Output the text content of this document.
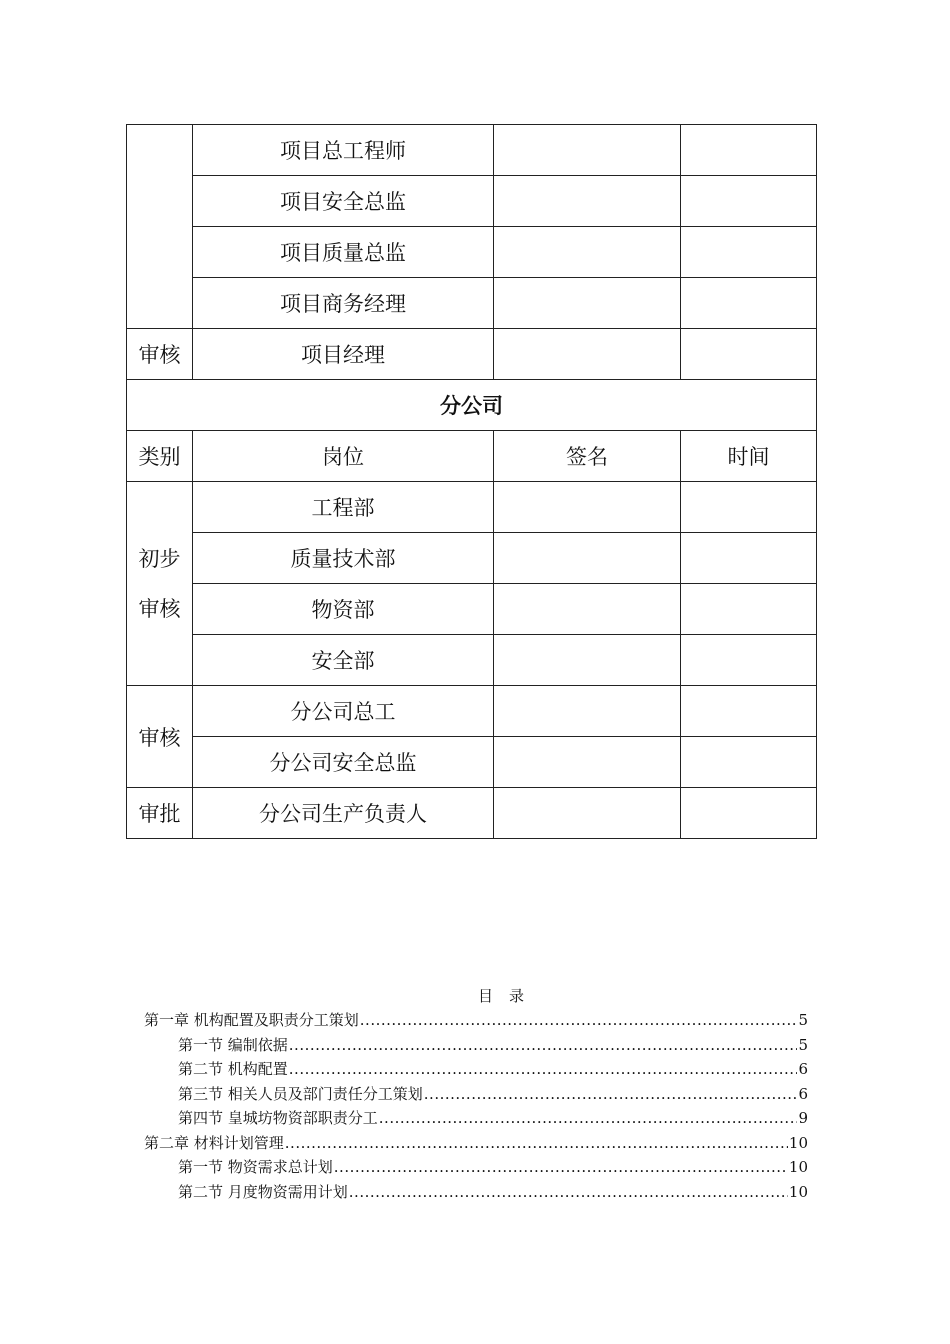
	项目总工程师		
	项目安全总监		
	项目质量总监		
	项目商务经理		
审核	项目经理		
分公司			
类别	岗位	签名	时间

初步
审核	工程部		
	质量技术部		
	物资部		
	安全部		
审核	分公司总工		
	分公司安全总监		
审批	分公司生产负责人		
目 录
第一章 机构配置及职责分工策划 .....	5
第一节 编制依据 .....	5
第二节 机构配置 .....	6
第三节 相关人员及部门责任分工策划 .....	6
第四节 皇城坊物资部职责分工 .....	9
第二章 材料计划管理 .....	10
第一节 物资需求总计划 .....	10
第二节 月度物资需用计划 .....	10
